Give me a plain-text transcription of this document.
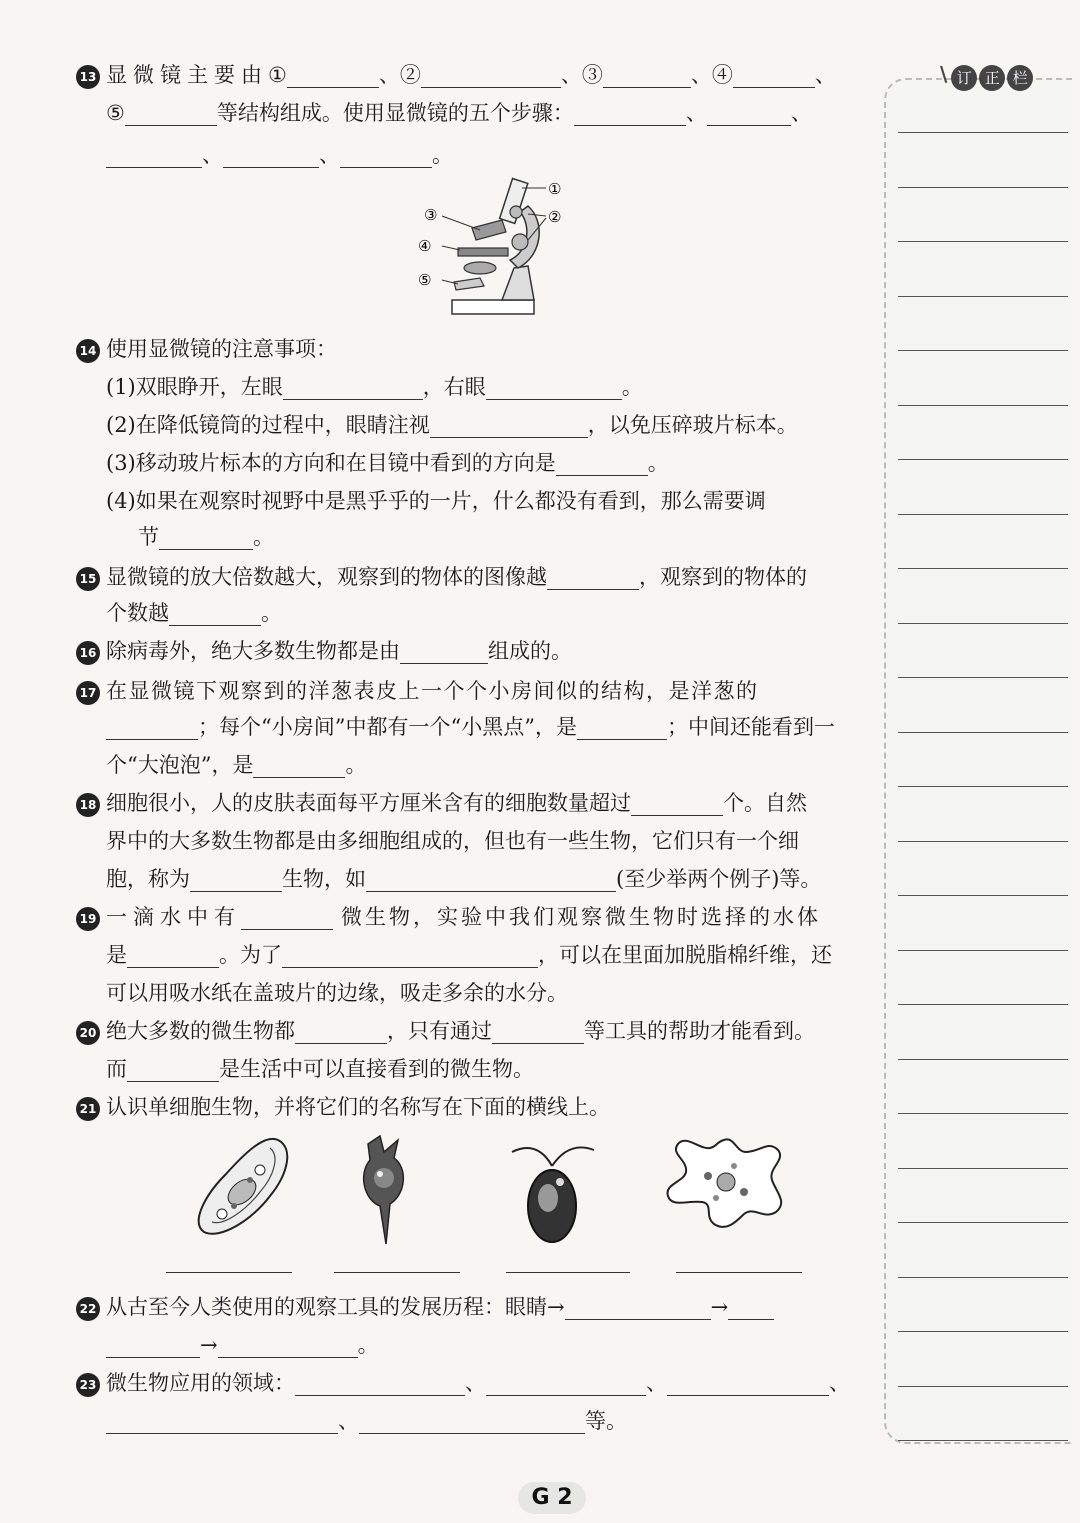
13 显微镜主要由①	、②	、③	、④	、
⑤	等结构组成。使用显微镜的五个步骤：	、	、
、	、	。
①
②
③
④
⑤
14 使用显微镜的注意事项：
(1)双眼睁开，左眼	，右眼	。
(2)在降低镜筒的过程中，眼睛注视	，以免压碎玻片标本。
(3)移动玻片标本的方向和在目镜中看到的方向是	。
(4)如果在观察时视野中是黑乎乎的一片，什么都没有看到，那么需要调
节	。
15 显微镜的放大倍数越大，观察到的物体的图像越	，观察到的物体的
个数越	。
16 除病毒外，绝大多数生物都是由	组成的。
17 在显微镜下观察到的洋葱表皮上一个个小房间似的结构，是洋葱的
；每个“小房间”中都有一个“小黑点”，是	；中间还能看到一
个“大泡泡”，是	。
18 细胞很小，人的皮肤表面每平方厘米含有的细胞数量超过	个。自然
界中的大多数生物都是由多细胞组成的，但也有一些生物，它们只有一个细
胞，称为	生物，如	(至少举两个例子)等。
19 一滴水中有	微生物，实验中我们观察微生物时选择的水体
是	。为了	，可以在里面加脱脂棉纤维，还
可以用吸水纸在盖玻片的边缘，吸走多余的水分。
20 绝大多数的微生物都	，只有通过	等工具的帮助才能看到。
而	是生活中可以直接看到的微生物。
21 认识单细胞生物，并将它们的名称写在下面的横线上。
22 从古至今人类使用的观察工具的发展历程：眼睛→	→
→	。
23 微生物应用的领域：	、	、	、
、	等。
G 2
\ 订 正 栏
